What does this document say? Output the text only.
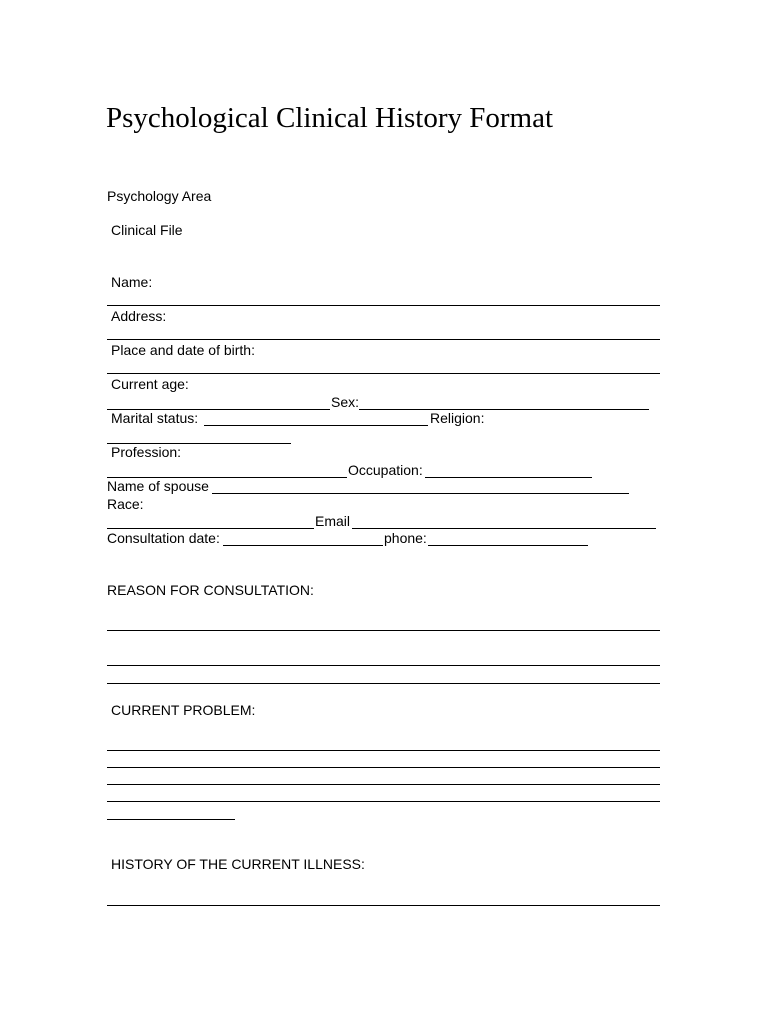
Psychological Clinical History Format
Psychology Area
Clinical File
Name:
Address:
Place and date of birth:
Current age:
Sex:
Marital status:	Religion:
Profession:
Occupation:
Name of spouse
Race:
Email
Consultation date:	phone:
REASON FOR CONSULTATION:
CURRENT PROBLEM:
HISTORY OF THE CURRENT ILLNESS:
